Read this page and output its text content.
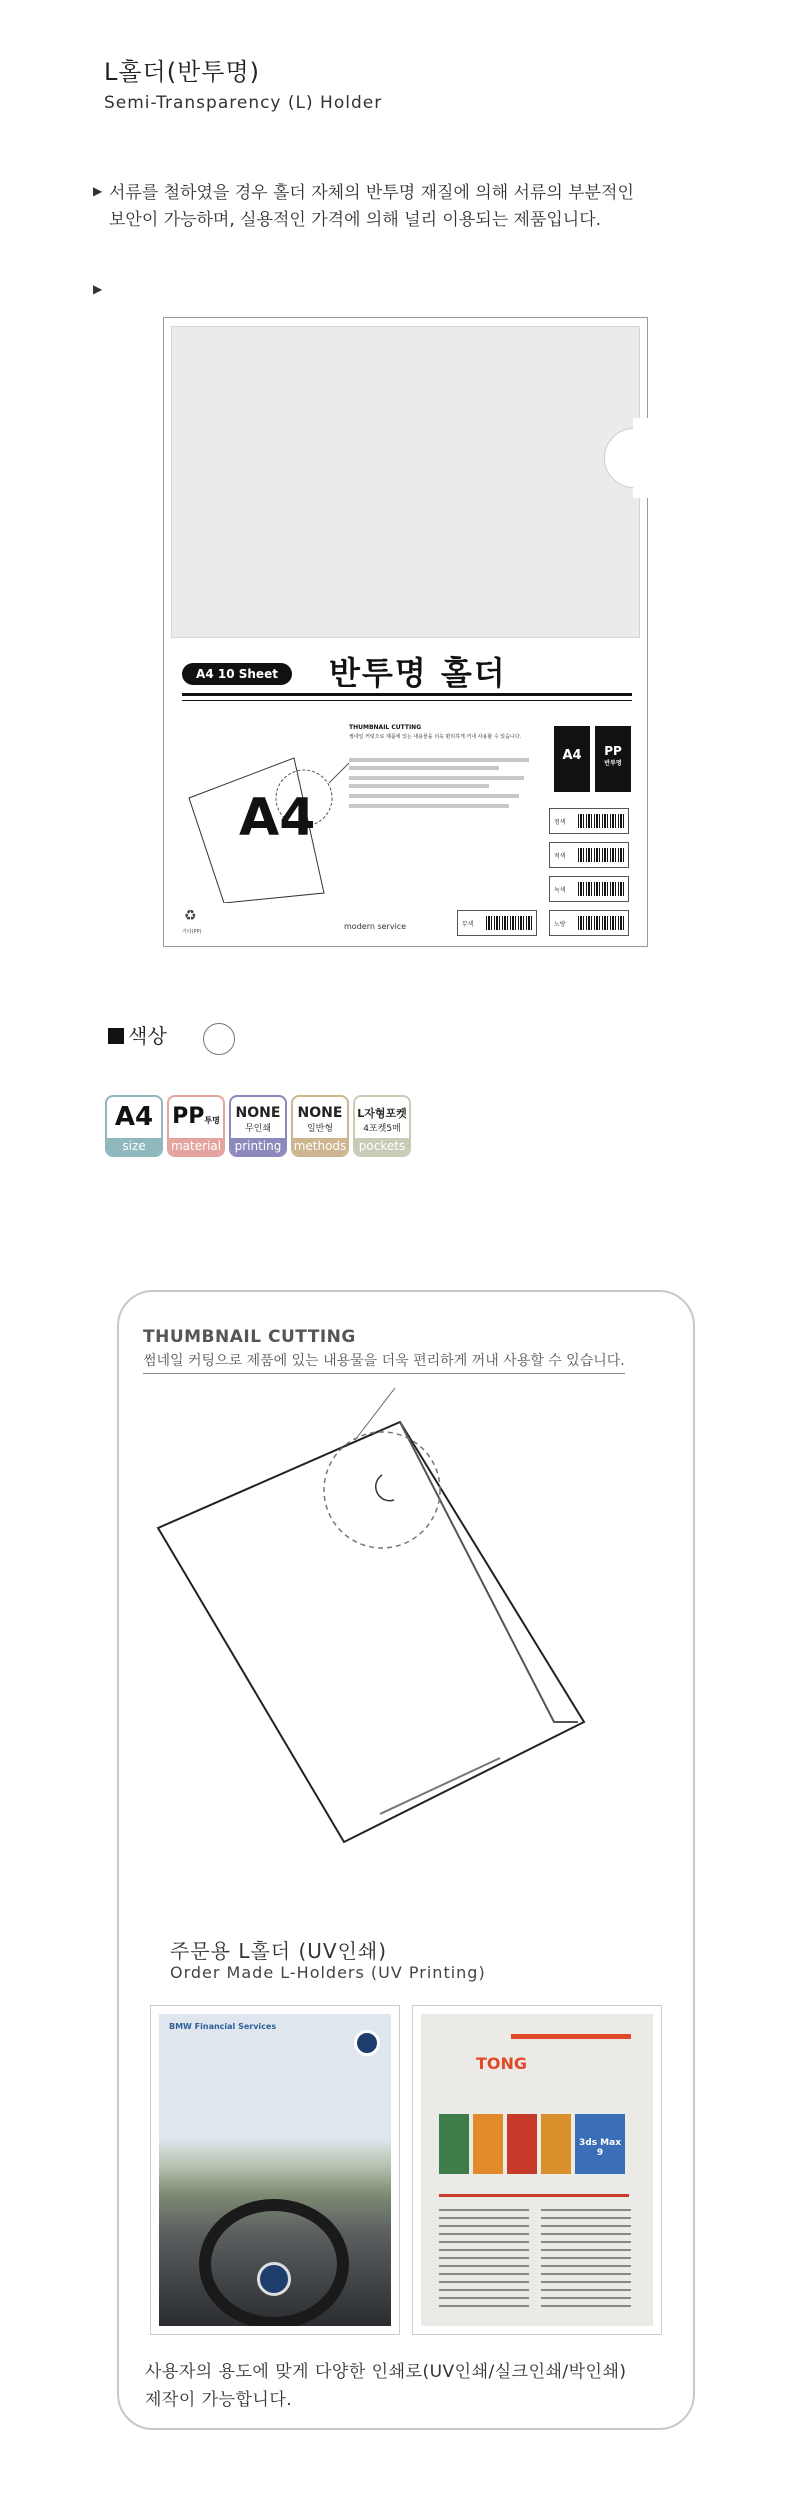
L홀더(반투명)
Semi-Transparency (L) Holder
▶ 서류를 철하였을 경우 홀더 자체의 반투명 재질에 의해 서류의 부분적인
보안이 가능하며, 실용적인 가격에 의해 널리 이용되는 제품입니다.
▶
A4 10 Sheet	반투명 홀더
A4
THUMBNAIL CUTTING
썸네일 커팅으로 제품에 있는 내용물을 더욱 편리하게 꺼내 사용할 수 있습니다.
A4	PP
반투명
청색
적색
녹색
노랑
무색
♻
기타(PP)
modern service
색상
A4
size
PP투명
material
NONE
무인쇄
printing
NONE
일반형
methods
L자형포켓
4포켓5매
pockets
THUMBNAIL CUTTING
썸네일 커팅으로 제품에 있는 내용물을 더욱 편리하게 꺼내 사용할 수 있습니다.
주문용 L홀더 (UV인쇄)
Order Made L-Holders (UV Printing)
BMW Financial Services
TONG
3ds Max 9
사용자의 용도에 맞게 다양한 인쇄로(UV인쇄/실크인쇄/박인쇄)
제작이 가능합니다.
